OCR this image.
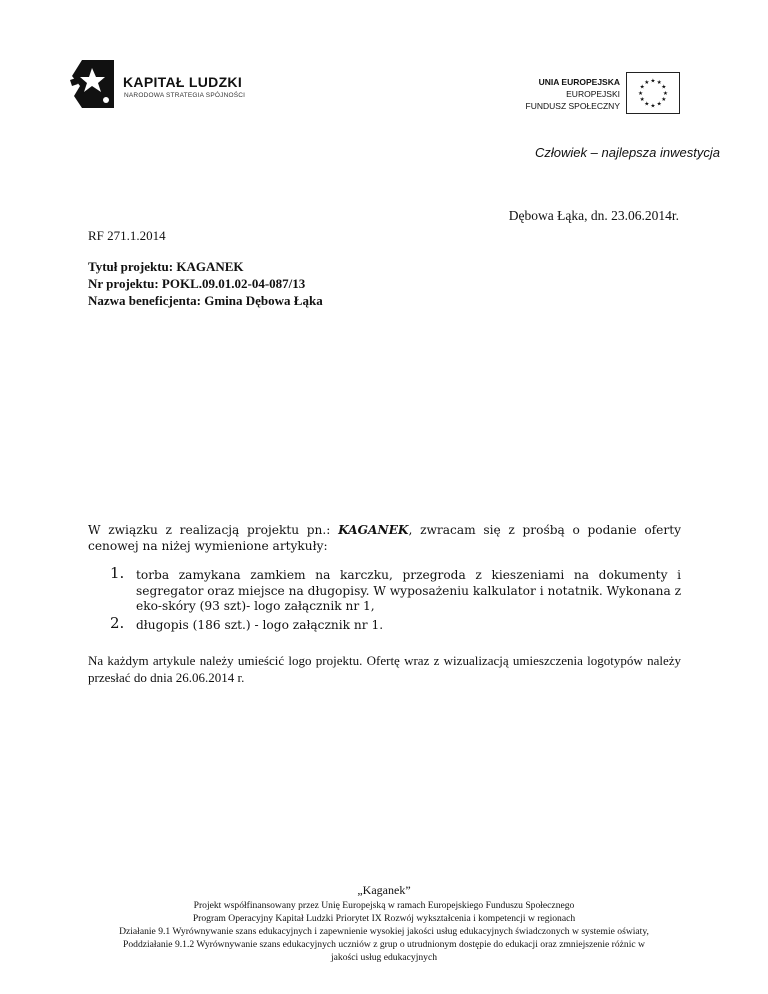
KAPITAŁ LUDZKI
NARODOWA STRATEGIA SPÓJNOŚCI
UNIA EUROPEJSKA
EUROPEJSKI
FUNDUSZ SPOŁECZNY
★ ★
★
★
★
★
★
★
★
★
★
★
Człowiek – najlepsza inwestycja
Dębowa Łąka, dn. 23.06.2014r.
RF 271.1.2014
Tytuł projektu: KAGANEK
Nr projektu: POKL.09.01.02-04-087/13
Nazwa beneficjenta: Gmina Dębowa Łąka
W związku z realizacją projektu pn.: KAGANEK, zwracam się z prośbą o podanie oferty cenowej na niżej wymienione artykuły:
1. torba zamykana zamkiem na karczku, przegroda z kieszeniami na dokumenty i segregator oraz miejsce na długopisy. W wyposażeniu kalkulator i notatnik. Wykonana z eko-skóry (93 szt)- logo załącznik nr 1,
2. długopis (186 szt.) - logo załącznik nr 1.
Na każdym artykule należy umieścić logo projektu. Ofertę wraz z wizualizacją umieszczenia logotypów należy przesłać do dnia 26.06.2014 r.
„Kaganek”
Projekt współfinansowany przez Unię Europejską w ramach Europejskiego Funduszu Społecznego
Program Operacyjny Kapitał Ludzki Priorytet IX Rozwój wykształcenia i kompetencji w regionach
Działanie 9.1 Wyrównywanie szans edukacyjnych i zapewnienie wysokiej jakości usług edukacyjnych świadczonych w systemie oświaty,
Poddziałanie 9.1.2 Wyrównywanie szans edukacyjnych uczniów z grup o utrudnionym dostępie do edukacji oraz zmniejszenie różnic w
jakości usług edukacyjnych
